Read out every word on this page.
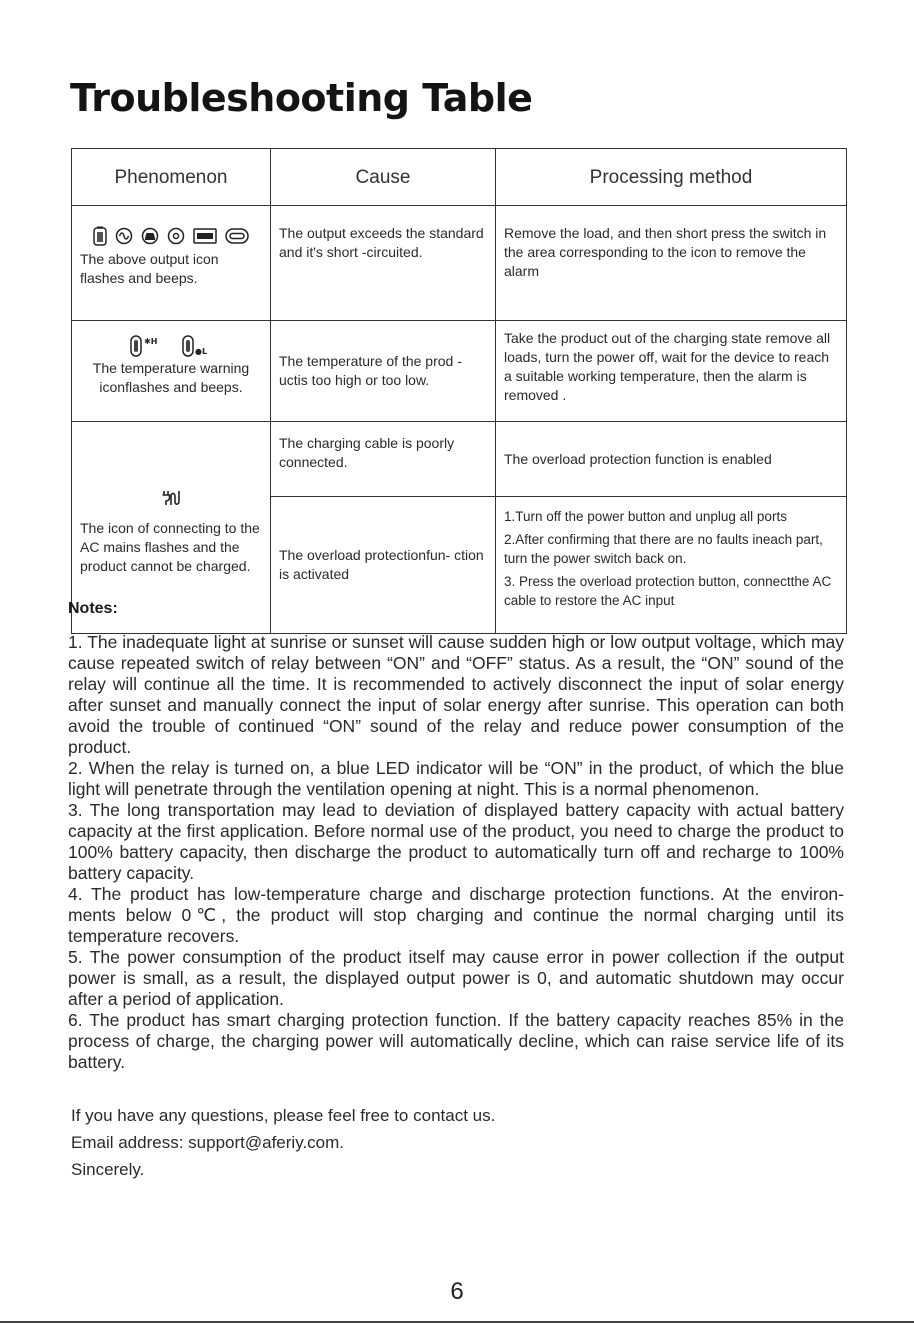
Troubleshooting Table
Phenomenon	Cause	Processing method

The above output icon flashes and beeps.	The output exceeds the standard and it's short -circuited.	Remove the load, and then short press the switch in the area corresponding to the icon to remove the alarm

✱H
●L
The temperature warning iconflashes and beeps.	The temperature of the prod -uctis too high or too low.	Take the product out of the charging state remove all loads, turn the power off, wait for the device to reach a suitable working temperature, then the alarm is removed .

The icon of connecting to the AC mains flashes and the product cannot be charged.	The charging cable is poorly connected.	The overload protection function is enabled

	The overload protectionfun- ction is activated	1.Turn off the power button and unplug all ports
2.After confirming that there are no faults ineach part, turn the power switch back on.
3. Press the overload protection button, connectthe AC cable to restore the AC input
Notes:

1. The inadequate light at sunrise or sunset will cause sudden high or low output voltage, which may cause repeated switch of relay between “ON” and “OFF” status. As a result, the “ON” sound of the relay will continue all the time. It is recommended to actively disconnect the input of solar energy after sunset and manually connect the input of solar energy after sunrise. This operation can both avoid the trouble of continued “ON” sound of the relay and reduce power consumption of the product.

2. When the relay is turned on, a blue LED indicator will be “ON” in the product, of which the blue light will penetrate through the ventilation opening at night. This is a normal phenomenon.

3. The long transportation may lead to deviation of displayed battery capacity with actual battery capacity at the first application. Before normal use of the product, you need to charge the product to 100% battery capacity, then discharge the product to automatically turn off and recharge to 100% battery capacity.

4. The product has low-temperature charge and discharge protection functions. At the environ- ments below 0℃, the product will stop charging and continue the normal charging until its temperature recovers.

5. The power consumption of the product itself may cause error in power collection if the output power is small, as a result, the displayed output power is 0, and automatic shutdown may occur after a period of application.

6. The product has smart charging protection function. If the battery capacity reaches 85% in the process of charge, the charging power will automatically decline, which can raise service life of its battery.

If you have any questions, please feel free to contact us.
Email address: support@aferiy.com.
Sincerely.
6
